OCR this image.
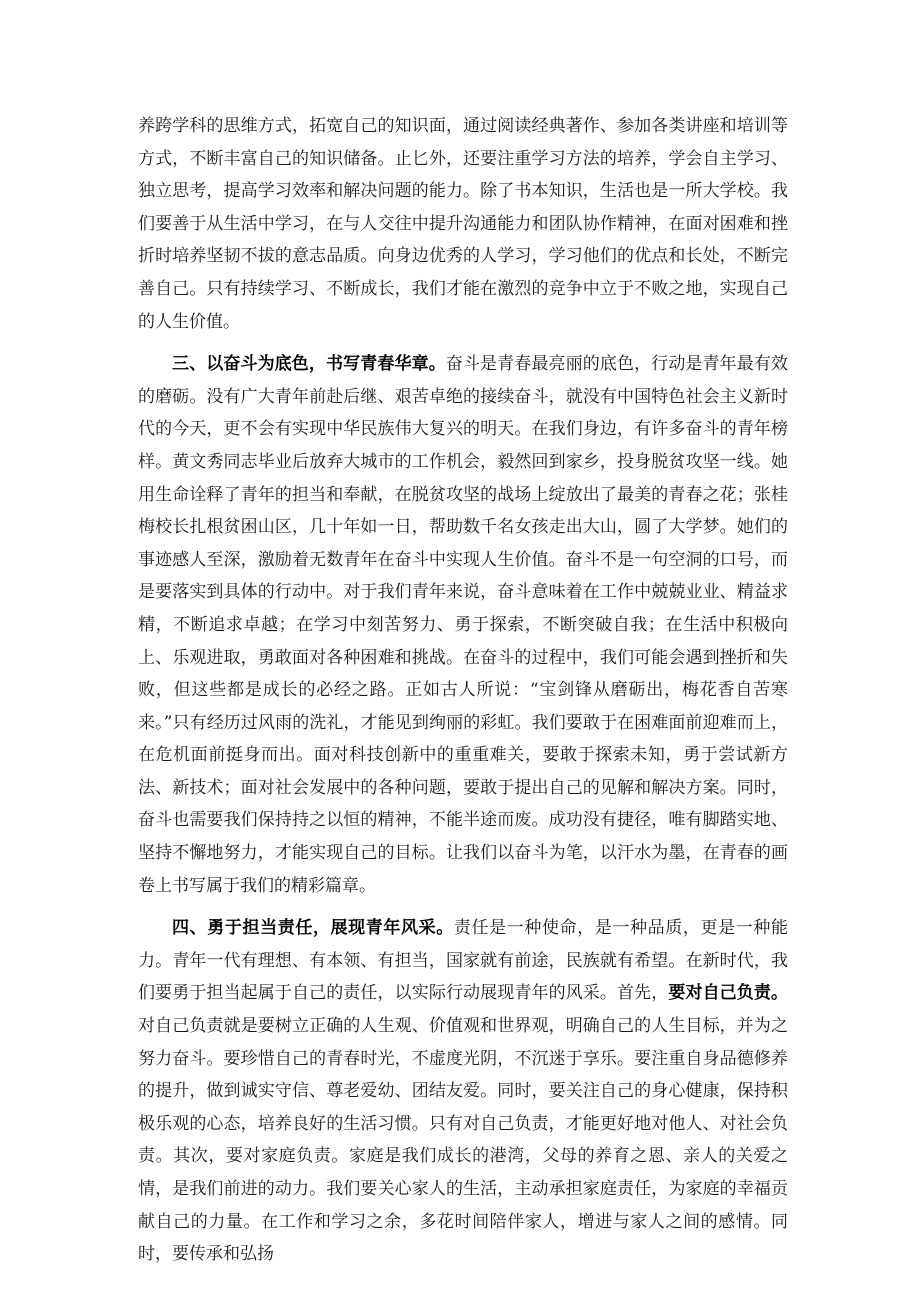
养跨学科的思维方式，拓宽自己的知识面，通过阅读经典著作、参加各类讲座和培训等方式，不断丰富自己的知识储备。止匕外，还要注重学习方法的培养，学会自主学习、独立思考，提高学习效率和解决问题的能力。除了书本知识，生活也是一所大学校。我们要善于从生活中学习，在与人交往中提升沟通能力和团队协作精神，在面对困难和挫折时培养坚韧不拔的意志品质。向身边优秀的人学习，学习他们的优点和长处，不断完善自己。只有持续学习、不断成长，我们才能在激烈的竞争中立于不败之地，实现自己的人生价值。

三、以奋斗为底色，书写青春华章。奋斗是青春最亮丽的底色，行动是青年最有效的磨砺。没有广大青年前赴后继、艰苦卓绝的接续奋斗，就没有中国特色社会主义新时代的今天，更不会有实现中华民族伟大复兴的明天。在我们身边，有许多奋斗的青年榜样。黄文秀同志毕业后放弃大城市的工作机会，毅然回到家乡，投身脱贫攻坚一线。她用生命诠释了青年的担当和奉献，在脱贫攻坚的战场上绽放出了最美的青春之花；张桂梅校长扎根贫困山区，几十年如一日，帮助数千名女孩走出大山，圆了大学梦。她们的事迹感人至深，激励着无数青年在奋斗中实现人生价值。奋斗不是一句空洞的口号，而是要落实到具体的行动中。对于我们青年来说，奋斗意味着在工作中兢兢业业、精益求精，不断追求卓越；在学习中刻苦努力、勇于探索，不断突破自我；在生活中积极向上、乐观进取，勇敢面对各种困难和挑战。在奋斗的过程中，我们可能会遇到挫折和失败，但这些都是成长的必经之路。正如古人所说：“宝剑锋从磨砺出，梅花香自苦寒来。”只有经历过风雨的洗礼，才能见到绚丽的彩虹。我们要敢于在困难面前迎难而上，在危机面前挺身而出。面对科技创新中的重重难关，要敢于探索未知，勇于尝试新方法、新技术；面对社会发展中的各种问题，要敢于提出自己的见解和解决方案。同时，奋斗也需要我们保持持之以恒的精神，不能半途而废。成功没有捷径，唯有脚踏实地、坚持不懈地努力，才能实现自己的目标。让我们以奋斗为笔，以汗水为墨，在青春的画卷上书写属于我们的精彩篇章。

四、勇于担当责任，展现青年风采。责任是一种使命，是一种品质，更是一种能力。青年一代有理想、有本领、有担当，国家就有前途，民族就有希望。在新时代，我们要勇于担当起属于自己的责任，以实际行动展现青年的风采。首先，要对自己负责。对自己负责就是要树立正确的人生观、价值观和世界观，明确自己的人生目标，并为之努力奋斗。要珍惜自己的青春时光，不虚度光阴，不沉迷于享乐。要注重自身品德修养的提升，做到诚实守信、尊老爱幼、团结友爱。同时，要关注自己的身心健康，保持积极乐观的心态，培养良好的生活习惯。只有对自己负责，才能更好地对他人、对社会负责。其次，要对家庭负责。家庭是我们成长的港湾，父母的养育之恩、亲人的关爱之情，是我们前进的动力。我们要关心家人的生活，主动承担家庭责任，为家庭的幸福贡献自己的力量。在工作和学习之余，多花时间陪伴家人，增进与家人之间的感情。同时，要传承和弘扬
